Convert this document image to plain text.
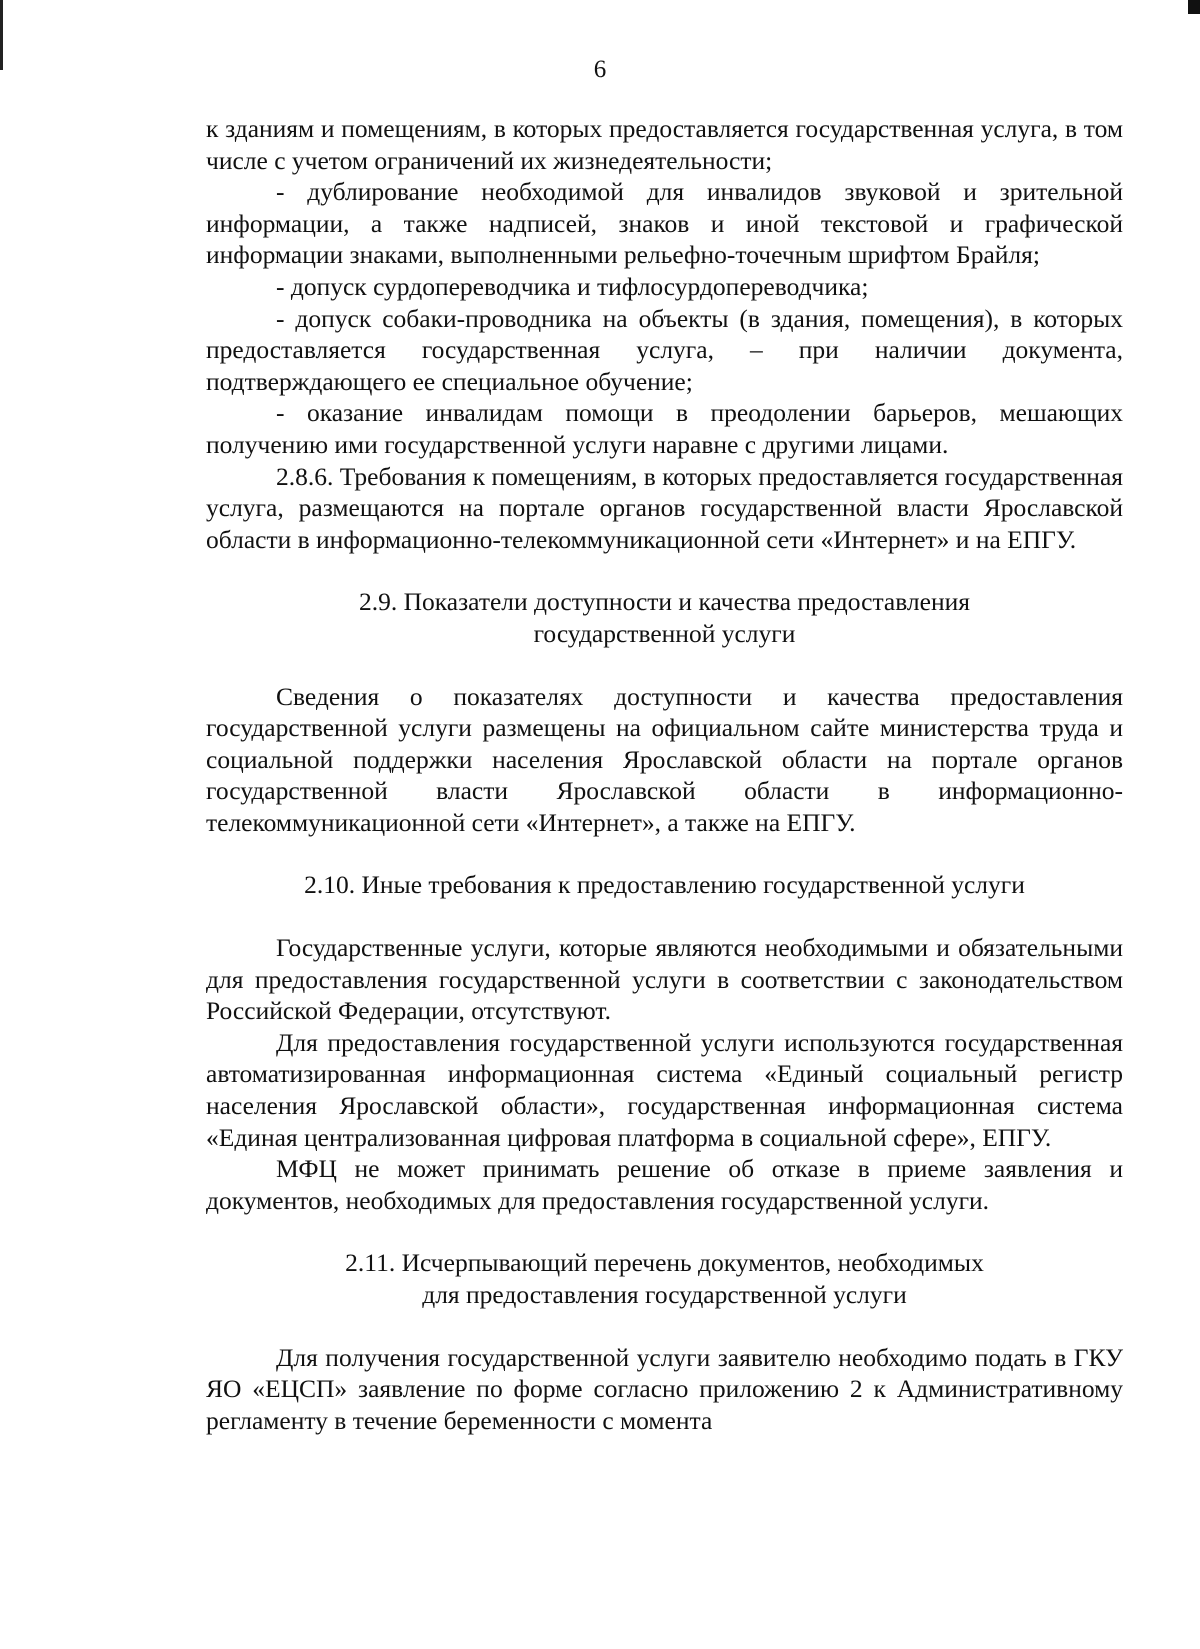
6

к зданиям и помещениям, в которых предоставляется государственная услуга, в том числе с учетом ограничений их жизнедеятельности;

- дублирование необходимой для инвалидов звуковой и зрительной информации, а также надписей, знаков и иной текстовой и графической информации знаками, выполненными рельефно-точечным шрифтом Брайля;

- допуск сурдопереводчика и тифлосурдопереводчика;

- допуск собаки-проводника на объекты (в здания, помещения), в которых предоставляется государственная услуга, – при наличии документа, подтверждающего ее специальное обучение;

- оказание инвалидам помощи в преодолении барьеров, мешающих получению ими государственной услуги наравне с другими лицами.

2.8.6. Требования к помещениям, в которых предоставляется государственная услуга, размещаются на портале органов государственной власти Ярославской области в информационно-телекоммуникационной сети «Интернет» и на ЕПГУ.

2.9. Показатели доступности и качества предоставления
государственной услуги

Сведения о показателях доступности и качества предоставления государственной услуги размещены на официальном сайте министерства труда и социальной поддержки населения Ярославской области на портале органов государственной власти Ярославской области в информационно-телекоммуникационной сети «Интернет», а также на ЕПГУ.

2.10. Иные требования к предоставлению государственной услуги

Государственные услуги, которые являются необходимыми и обязательными для предоставления государственной услуги в соответствии с законодательством Российской Федерации, отсутствуют.

Для предоставления государственной услуги используются государственная автоматизированная информационная система «Единый социальный регистр населения Ярославской области», государственная информационная система «Единая централизованная цифровая платформа в социальной сфере», ЕПГУ.

МФЦ не может принимать решение об отказе в приеме заявления и документов, необходимых для предоставления государственной услуги.

2.11. Исчерпывающий перечень документов, необходимых
для предоставления государственной услуги

Для получения государственной услуги заявителю необходимо подать в ГКУ ЯО «ЕЦСП» заявление по форме согласно приложению 2 к Административному регламенту в течение беременности с момента
